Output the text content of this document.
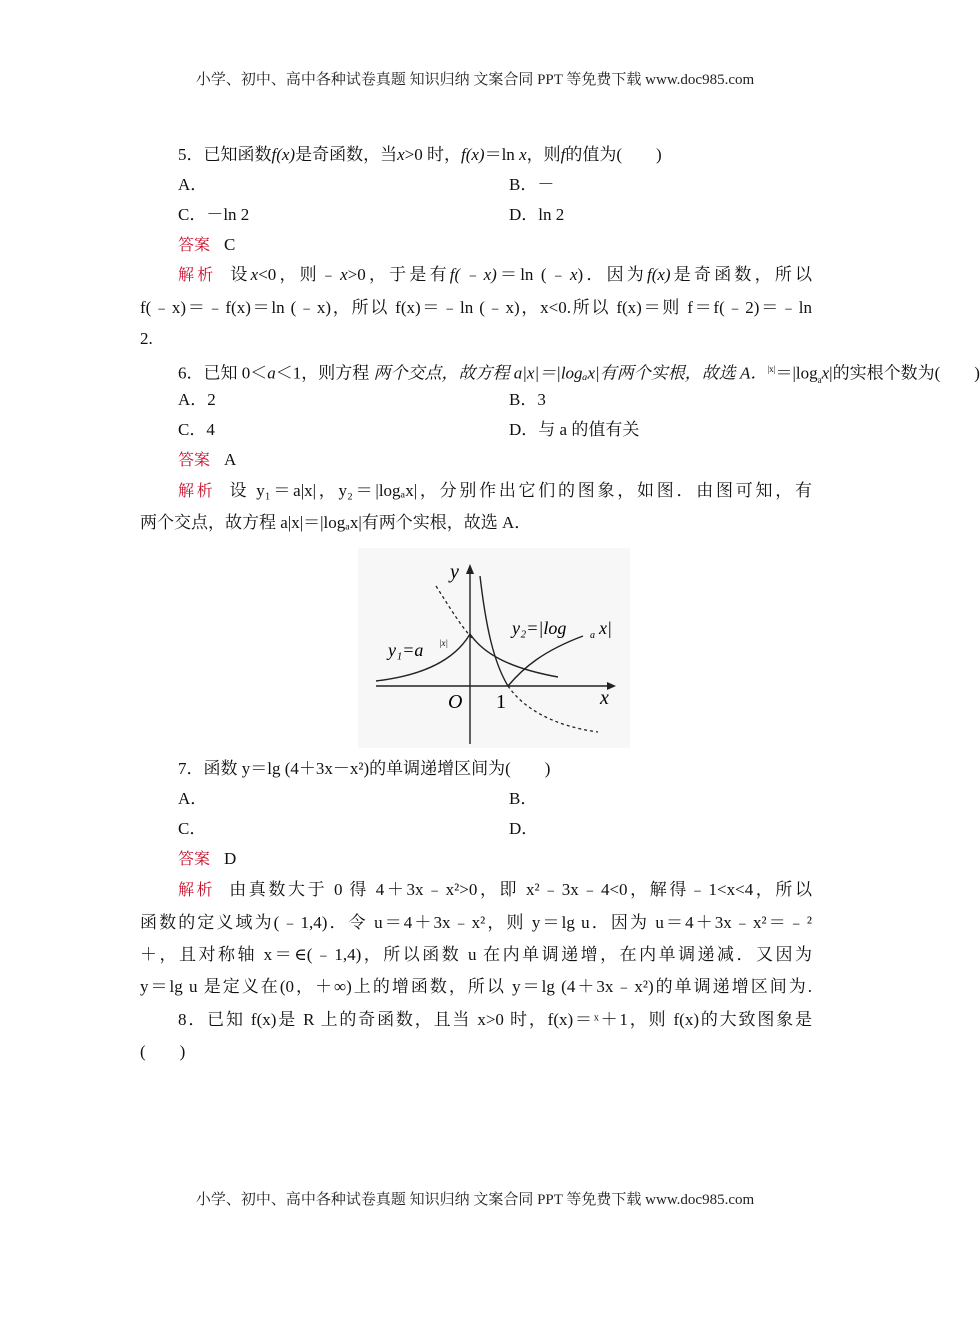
小学、初中、高中各种试卷真题 知识归纳 文案合同 PPT 等免费下载 www.doc985.com
5．已知函数f(x)是奇函数，当x>0 时，f(x)＝ln x，则f的值为(　　)
A．	B．－
C．－ln 2	D．ln 2
答案 C
解析 设x<0，则﹣x>0，于是有f(﹣x)＝ln (﹣x)．因为f(x)是奇函数，所以
f(﹣x)＝﹣f(x)＝ln (﹣x)，所以 f(x)＝﹣ln (﹣x)，x<0.所以 f(x)＝则 f＝f(﹣2)＝﹣ln
2.
6．已知 0＜a＜1，则方程 两个交点，故方程 a|x|＝|logₐx|有两个实根，故选 A．$^{|x|}=|\log_ax|$的实根个数为(　　)
A．2	B．3
C．4	D．与 a 的值有关
答案 A
解析 设 y₁＝a|x|，y₂＝|logₐx|，分别作出它们的图象，如图．由图可知，有
两个交点，故方程 a|x|＝|logₐx|有两个实根，故选 A．
y
x
O 1
y₁=a |x|
y₂=|log a x|
7．函数 y＝lg (4＋3x－x²)的单调递增区间为(　　)
A．	B．
C．	D．
答案 D
解析 由真数大于 0 得 4＋3x﹣x²>0，即 x²﹣3x﹣4<0，解得﹣1<x<4，所以
函数的定义域为(﹣1,4)．令 u＝4＋3x﹣x²，则 y＝lg u．因为 u＝4＋3x﹣x²＝﹣²
＋，且对称轴 x＝∈(﹣1,4)，所以函数 u 在内单调递增，在内单调递减．又因为
y＝lg u 是定义在(0，＋∞)上的增函数，所以 y＝lg (4＋3x﹣x²)的单调递增区间为.
8．已知 f(x)是 R 上的奇函数，且当 x>0 时，f(x)＝ˣ＋1，则 f(x)的大致图象是
(　　)
小学、初中、高中各种试卷真题 知识归纳 文案合同 PPT 等免费下载 www.doc985.com
